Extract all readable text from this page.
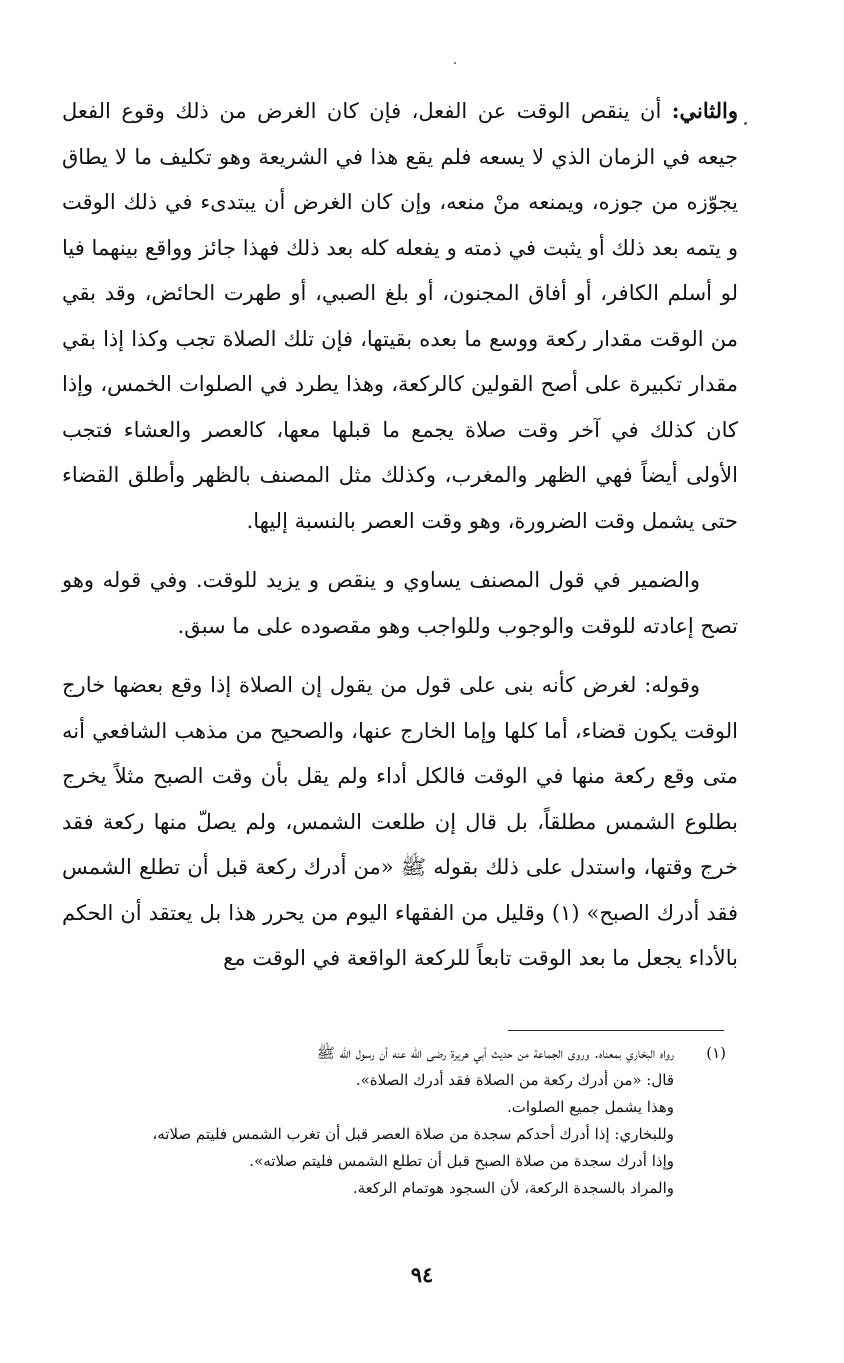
والثاني: أن ينقص الوقت عن الفعل، فإن كان الغرض من ذلك وقوع الفعل جيعه في الزمان الذي لا يسعه فلم يقع هذا في الشريعة وهو تكليف ما لا يطاق يجوّزه من جوزه، ويمنعه منْ منعه، وإن كان الغرض أن يبتدىء في ذلك الوقت و يتمه بعد ذلك أو يثبت في ذمته و يفعله كله بعد ذلك فهذا جائز وواقع بينهما فيا لو أسلم الكافر، أو أفاق المجنون، أو بلغ الصبي، أو طهرت الحائض، وقد بقي من الوقت مقدار ركعة ووسع ما بعده بقيتها، فإن تلك الصلاة تجب وكذا إذا بقي مقدار تكبيرة على أصح القولين كالركعة، وهذا يطرد في الصلوات الخمس، وإذا كان كذلك في آخر وقت صلاة يجمع ما قبلها معها، كالعصر والعشاء فتجب الأولى أيضاً فهي الظهر والمغرب، وكذلك مثل المصنف بالظهر وأطلق القضاء حتى يشمل وقت الضرورة، وهو وقت العصر بالنسبة إليها.

والضمير في قول المصنف يساوي و ينقص و يزيد للوقت. وفي قوله وهو تصح إعادته للوقت والوجوب وللواجب وهو مقصوده على ما سبق.

وقوله: لغرض كأنه بنى على قول من يقول إن الصلاة إذا وقع بعضها خارج الوقت يكون قضاء، أما كلها وإما الخارج عنها، والصحيح من مذهب الشافعي أنه متى وقع ركعة منها في الوقت فالكل أداء ولم يقل بأن وقت الصبح مثلاً يخرج بطلوع الشمس مطلقاً، بل قال إن طلعت الشمس، ولم يصلّ منها ركعة فقد خرج وقتها، واستدل على ذلك بقوله ﷺ «من أدرك ركعة قبل أن تطلع الشمس فقد أدرك الصبح» (١) وقليل من الفقهاء اليوم من يحرر هذا بل يعتقد أن الحكم بالأداء يجعل ما بعد الوقت تابعاً للركعة الواقعة في الوقت مع

(١)
رواه البخاري بمعناه. وروى الجماعة من حديث أبي هريرة رضى الله عنه أن رسول الله ﷺ
قال: «من أدرك ركعة من الصلاة فقد أدرك الصلاة».
وهذا يشمل جميع الصلوات.
وللبخاري: إذا أدرك أحدكم سجدة من صلاة العصر قبل أن تغرب الشمس فليتم صلاته،
وإذا أدرك سجدة من صلاة الصبح قبل أن تطلع الشمس فليتم صلاته».
والمراد بالسجدة الركعة، لأن السجود هوتمام الركعة.
٩٤
